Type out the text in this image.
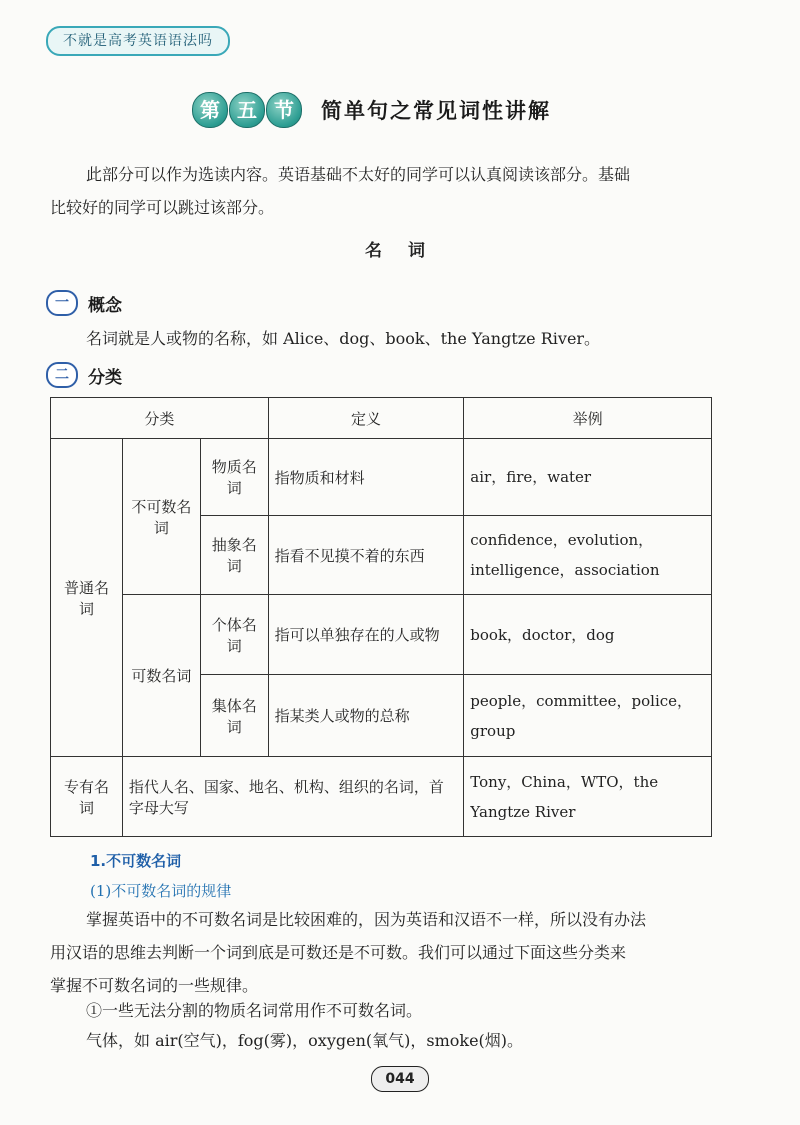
不就是高考英语语法吗
第 五 节	简单句之常见词性讲解
此部分可以作为选读内容。英语基础不太好的同学可以认真阅读该部分。基础
比较好的同学可以跳过该部分。
名 词
一	概念
名词就是人或物的名称，如 Alice、dog、book、the Yangtze River。
二	分类
分类			定义	举例
普通名词	不可数名词	物质名词	指物质和材料	air，fire，water
		抽象名词	指看不见摸不着的东西	confidence，evolution，intelligence，association
	可数名词	个体名词	指可以单独存在的人或物	book，doctor，dog
		集体名词	指某类人或物的总称	people，committee，police，group
专有名词	指代人名、国家、地名、机构、组织的名词，首字母大写			Tony，China，WTO，the Yangtze River
1.不可数名词
(1)不可数名词的规律
掌握英语中的不可数名词是比较困难的，因为英语和汉语不一样，所以没有办法
用汉语的思维去判断一个词到底是可数还是不可数。我们可以通过下面这些分类来
掌握不可数名词的一些规律。
①一些无法分割的物质名词常用作不可数名词。
气体，如 air(空气)，fog(雾)，oxygen(氧气)，smoke(烟)。
044
